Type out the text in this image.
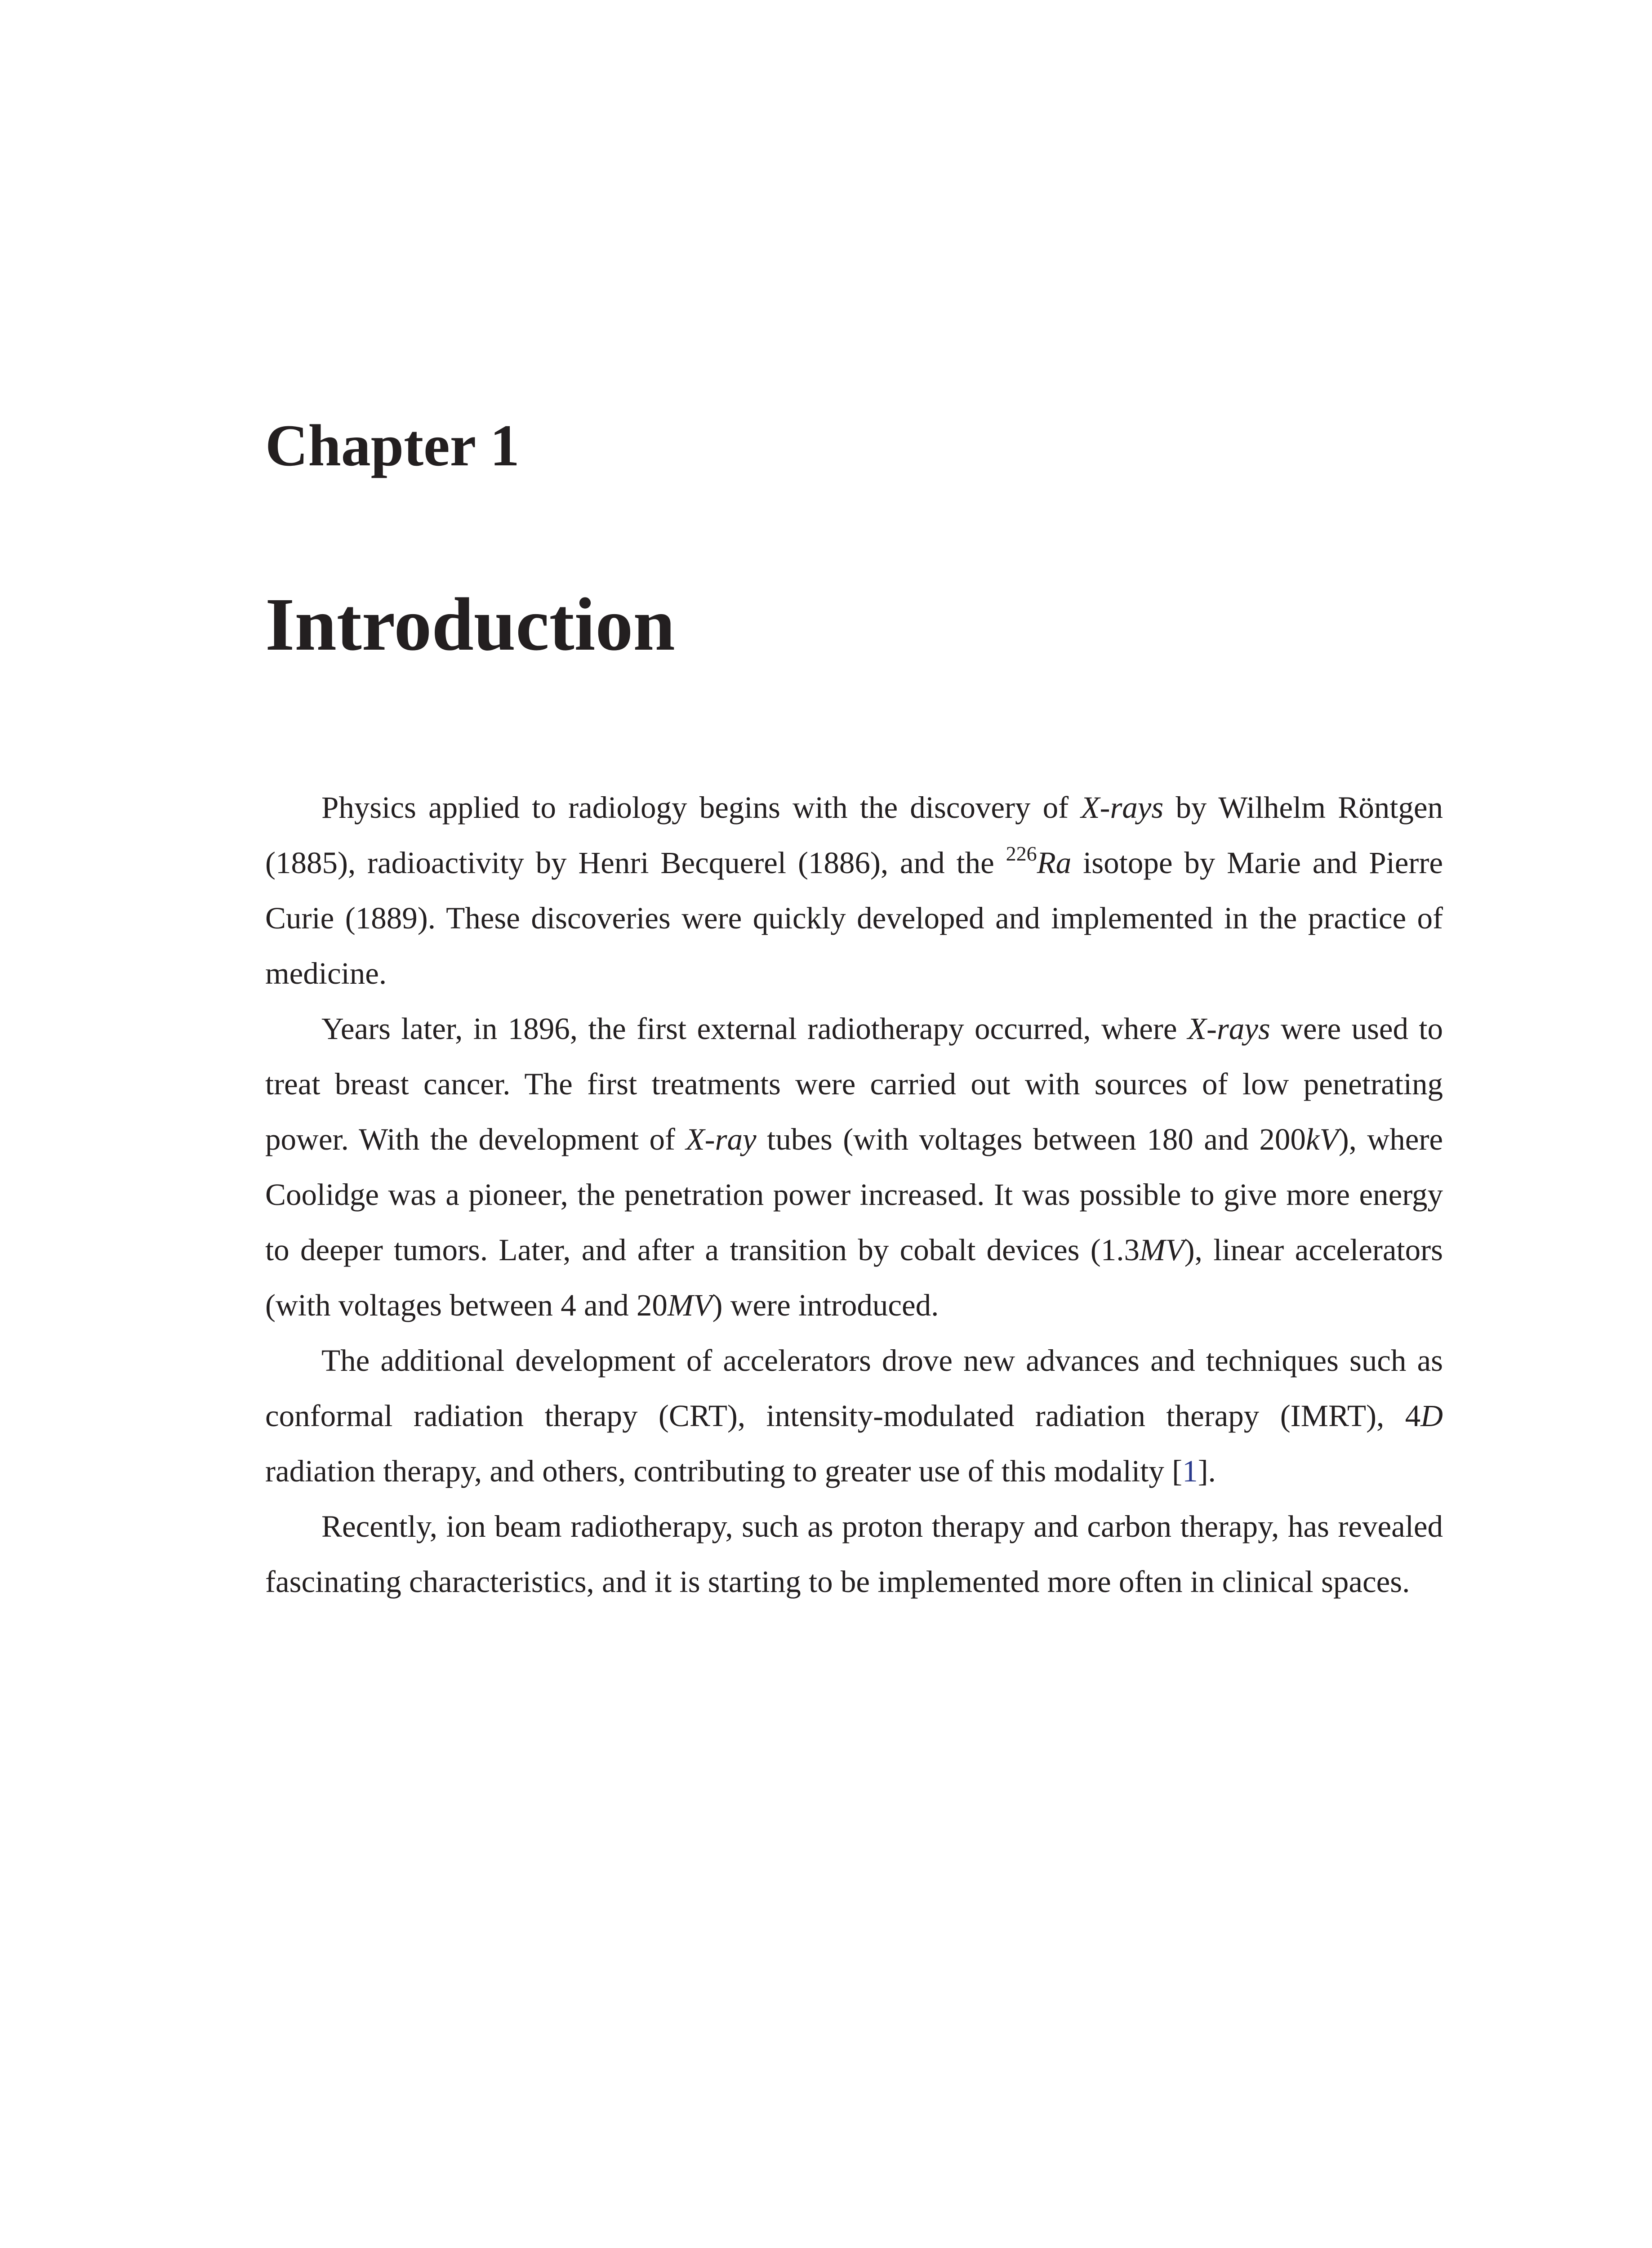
Chapter 1
Introduction

Physics applied to radiology begins with the discovery of X-rays by Wilhelm Röntgen (1885), radioactivity by Henri Becquerel (1886), and the $^{226}$Ra isotope by Marie and Pierre Curie (1889). These discoveries were quickly developed and implemented in the practice of medicine.

Years later, in 1896, the first external radiotherapy occurred, where X-rays were used to treat breast cancer. The first treatments were carried out with sources of low penetrating power. With the development of X-ray tubes (with voltages between 180 and 200kV), where Coolidge was a pioneer, the penetration power increased. It was possible to give more energy to deeper tumors. Later, and after a transition by cobalt devices (1.3MV), linear accelerators (with voltages between 4 and 20MV) were introduced.

The additional development of accelerators drove new advances and techniques such as conformal radiation therapy (CRT), intensity-modulated radiation therapy (IMRT), 4D radiation therapy, and others, contributing to greater use of this modality [1].

Recently, ion beam radiotherapy, such as proton therapy and carbon therapy, has revealed fascinating characteristics, and it is starting to be implemented more often in clinical spaces.
